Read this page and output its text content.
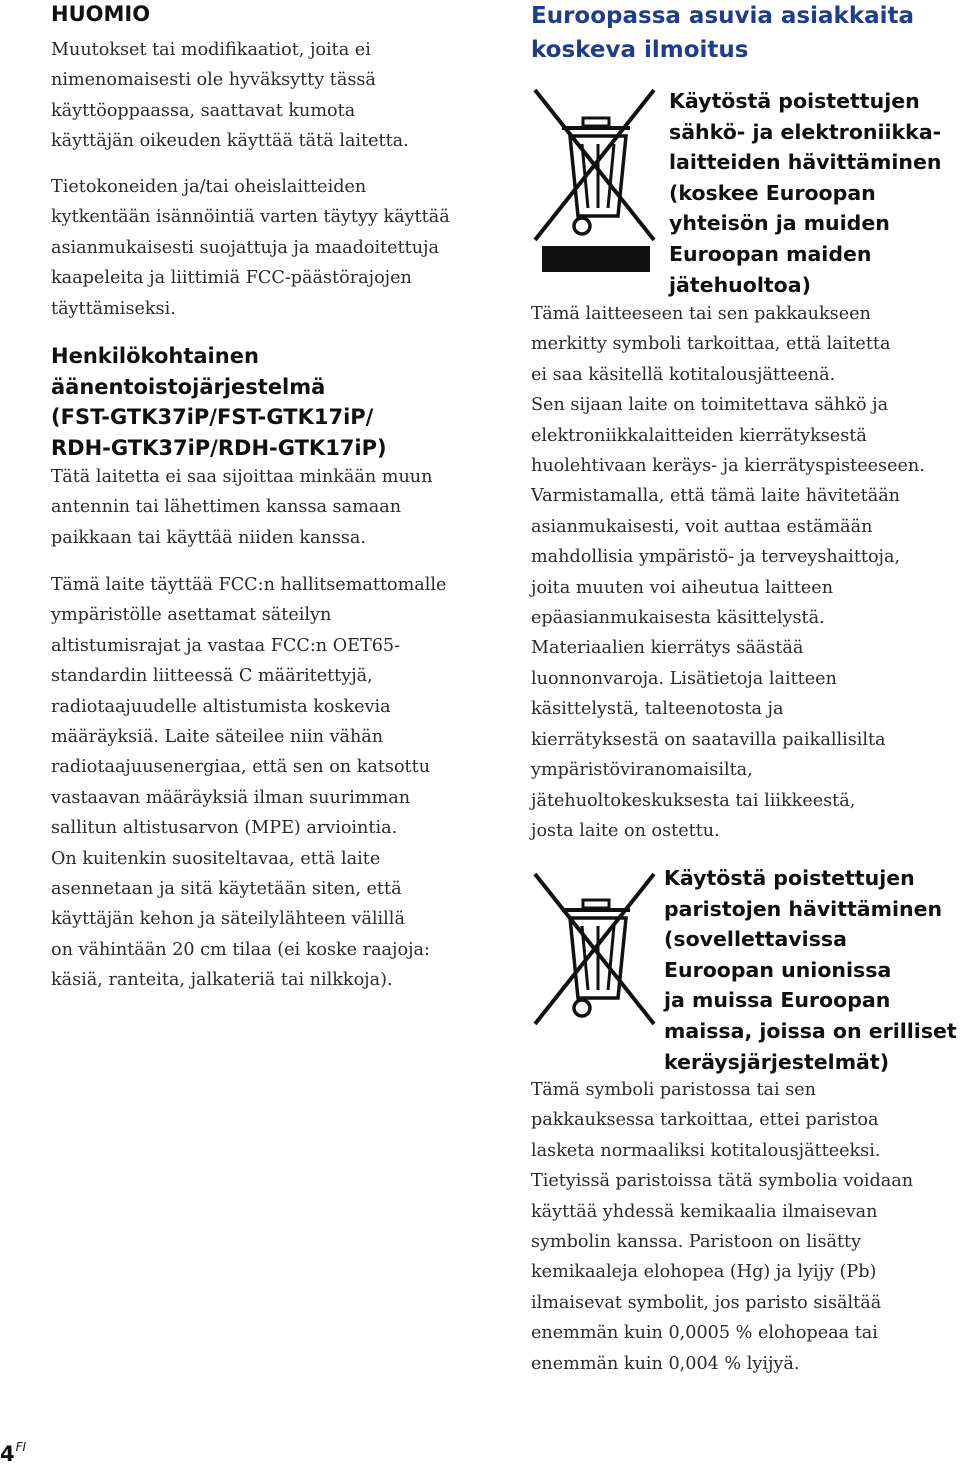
HUOMIO
Muutokset tai modifikaatiot, joita ei
nimenomaisesti ole hyväksytty tässä
käyttöoppaassa, saattavat kumota
käyttäjän oikeuden käyttää tätä laitetta.
Tietokoneiden ja/tai oheislaitteiden
kytkentään isännöintiä varten täytyy käyttää
asianmukaisesti suojattuja ja maadoitettuja
kaapeleita ja liittimiä FCC-päästörajojen
täyttämiseksi.
Henkilökohtainen
äänentoistojärjestelmä
(FST-GTK37iP/FST-GTK17iP/
RDH-GTK37iP/RDH-GTK17iP)
Tätä laitetta ei saa sijoittaa minkään muun
antennin tai lähettimen kanssa samaan
paikkaan tai käyttää niiden kanssa.
Tämä laite täyttää FCC:n hallitsemattomalle
ympäristölle asettamat säteilyn
altistumisrajat ja vastaa FCC:n OET65-
standardin liitteessä C määritettyjä,
radiotaajuudelle altistumista koskevia
määräyksiä. Laite säteilee niin vähän
radiotaajuusenergiaa, että sen on katsottu
vastaavan määräyksiä ilman suurimman
sallitun altistusarvon (MPE) arviointia.
On kuitenkin suositeltavaa, että laite
asennetaan ja sitä käytetään siten, että
käyttäjän kehon ja säteilylähteen välillä
on vähintään 20 cm tilaa (ei koske raajoja:
käsiä, ranteita, jalkateriä tai nilkkoja).
$4^{FI}$
Euroopassa asuvia asiakkaita
koskeva ilmoitus
Käytöstä poistettujen
sähkö- ja elektroniikka-
laitteiden hävittäminen
(koskee Euroopan
yhteisön ja muiden
Euroopan maiden
jätehuoltoa)
Tämä laitteeseen tai sen pakkaukseen
merkitty symboli tarkoittaa, että laitetta
ei saa käsitellä kotitalousjätteenä.
Sen sijaan laite on toimitettava sähkö ja
elektroniikkalaitteiden kierrätyksestä
huolehtivaan keräys- ja kierrätyspisteeseen.
Varmistamalla, että tämä laite hävitetään
asianmukaisesti, voit auttaa estämään
mahdollisia ympäristö- ja terveyshaittoja,
joita muuten voi aiheutua laitteen
epäasianmukaisesta käsittelystä.
Materiaalien kierrätys säästää
luonnonvaroja. Lisätietoja laitteen
käsittelystä, talteenotosta ja
kierrätyksestä on saatavilla paikallisilta
ympäristöviranomaisilta,
jätehuoltokeskuksesta tai liikkeestä,
josta laite on ostettu.
Käytöstä poistettujen
paristojen hävittäminen
(sovellettavissa
Euroopan unionissa
ja muissa Euroopan
maissa, joissa on erilliset
keräysjärjestelmät)
Tämä symboli paristossa tai sen
pakkauksessa tarkoittaa, ettei paristoa
lasketa normaaliksi kotitalousjätteeksi.
Tietyissä paristoissa tätä symbolia voidaan
käyttää yhdessä kemikaalia ilmaisevan
symbolin kanssa. Paristoon on lisätty
kemikaaleja elohopea (Hg) ja lyijy (Pb)
ilmaisevat symbolit, jos paristo sisältää
enemmän kuin 0,0005 % elohopeaa tai
enemmän kuin 0,004 % lyijyä.
